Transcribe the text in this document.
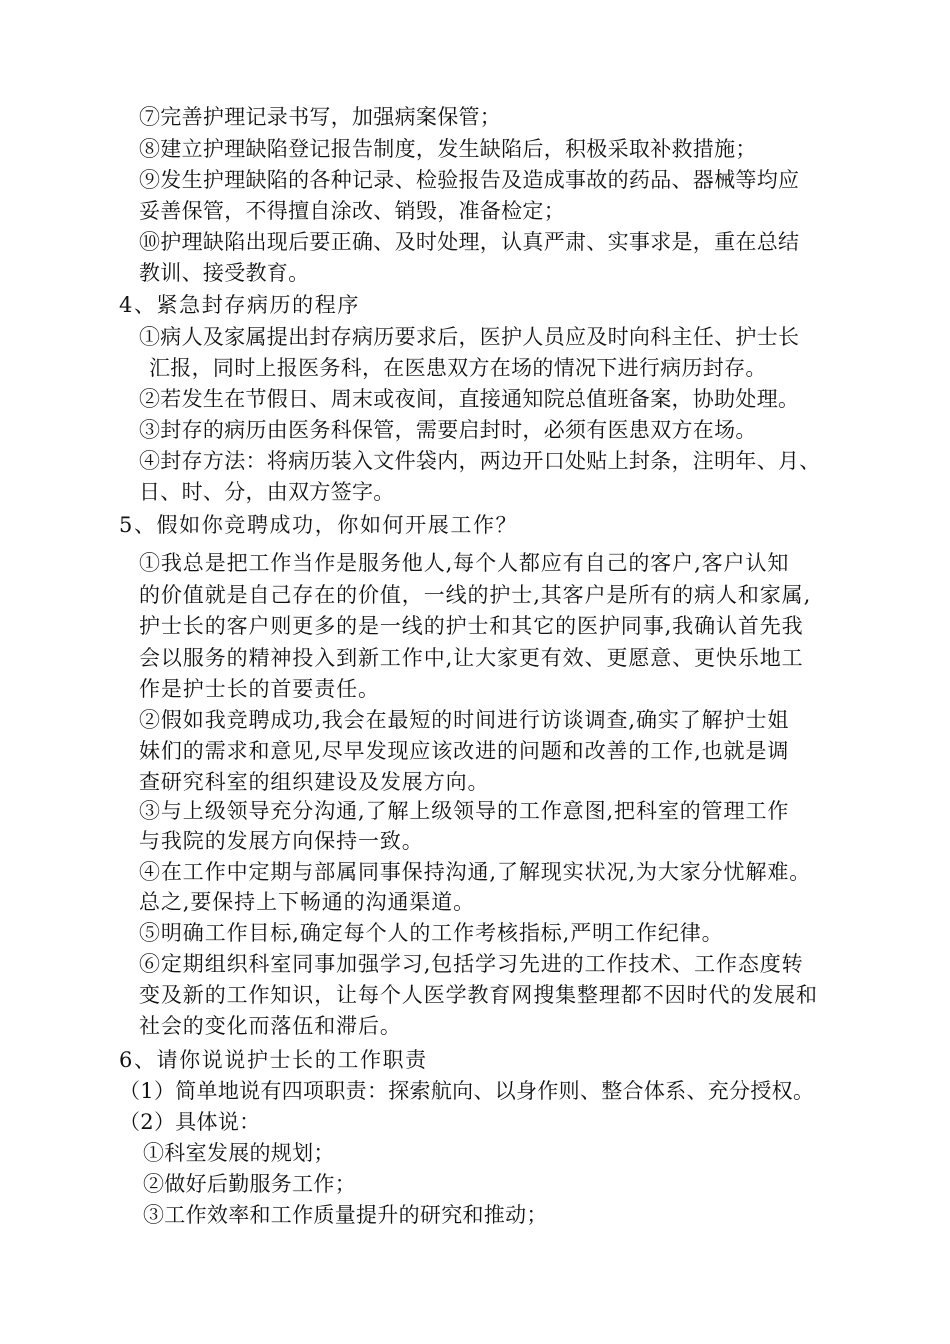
⑦完善护理记录书写，加强病案保管；
⑧建立护理缺陷登记报告制度，发生缺陷后，积极采取补救措施；
⑨发生护理缺陷的各种记录、检验报告及造成事故的药品、器械等均应
妥善保管，不得擅自涂改、销毁，准备检定；
⑩护理缺陷出现后要正确、及时处理，认真严肃、实事求是，重在总结
教训、接受教育。
4、紧急封存病历的程序
①病人及家属提出封存病历要求后，医护人员应及时向科主任、护士长
汇报，同时上报医务科，在医患双方在场的情况下进行病历封存。
②若发生在节假日、周末或夜间，直接通知院总值班备案，协助处理。
③封存的病历由医务科保管，需要启封时，必须有医患双方在场。
④封存方法：将病历装入文件袋内，两边开口处贴上封条，注明年、月、
日、时、分，由双方签字。
5、假如你竞聘成功，你如何开展工作？
①我总是把工作当作是服务他人,每个人都应有自己的客户,客户认知
的价值就是自己存在的价值，一线的护士,其客户是所有的病人和家属,
护士长的客户则更多的是一线的护士和其它的医护同事,我确认首先我
会以服务的精神投入到新工作中,让大家更有效、更愿意、更快乐地工
作是护士长的首要责任。
②假如我竞聘成功,我会在最短的时间进行访谈调查,确实了解护士姐
妹们的需求和意见,尽早发现应该改进的问题和改善的工作,也就是调
查研究科室的组织建设及发展方向。
③与上级领导充分沟通,了解上级领导的工作意图,把科室的管理工作
与我院的发展方向保持一致。
④在工作中定期与部属同事保持沟通,了解现实状况,为大家分忧解难。
总之,要保持上下畅通的沟通渠道。
⑤明确工作目标,确定每个人的工作考核指标,严明工作纪律。
⑥定期组织科室同事加强学习,包括学习先进的工作技术、工作态度转
变及新的工作知识，让每个人医学教育网搜集整理都不因时代的发展和
社会的变化而落伍和滞后。
6、请你说说护士长的工作职责
（1）简单地说有四项职责：探索航向、以身作则、整合体系、充分授权。
（2）具体说：
①科室发展的规划；
②做好后勤服务工作；
③工作效率和工作质量提升的研究和推动；
